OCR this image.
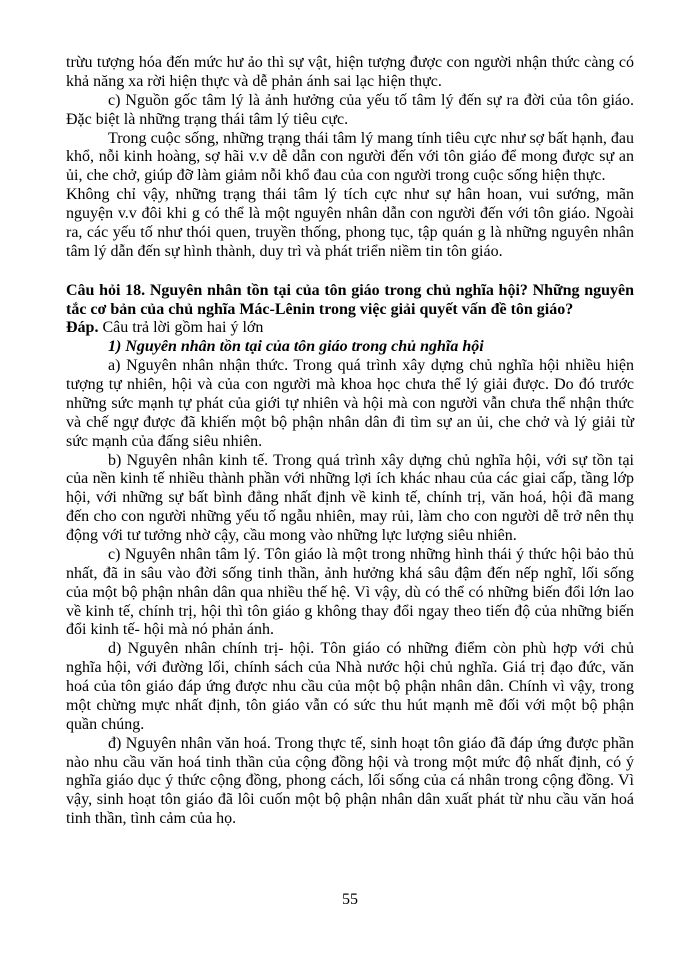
trừu tượng hóa đến mức hư ảo thì sự vật, hiện tượng được con người nhận thức càng có khả năng xa rời hiện thực và dễ phản ánh sai lạc hiện thực.

c) Nguồn gốc tâm lý là ảnh hưởng của yếu tố tâm lý đến sự ra đời của tôn giáo. Đặc biệt là những trạng thái tâm lý tiêu cực.

Trong cuộc sống, những trạng thái tâm lý mang tính tiêu cực như sợ bất hạnh, đau khổ, nỗi kinh hoàng, sợ hãi v.v dễ dẫn con người đến với tôn giáo để mong được sự an ủi, che chở, giúp đỡ làm giảm nỗi khổ đau của con người trong cuộc sống hiện thực.

Không chỉ vậy, những trạng thái tâm lý tích cực như sự hân hoan, vui sướng, mãn nguyện v.v đôi khi g có thể là một nguyên nhân dẫn con người đến với tôn giáo. Ngoài ra, các yếu tố như thói quen, truyền thống, phong tục, tập quán g là những nguyên nhân tâm lý dẫn đến sự hình thành, duy trì và phát triển niềm tin tôn giáo.

Câu hỏi 18. Nguyên nhân tồn tại của tôn giáo trong chủ nghĩa hội? Những nguyên tắc cơ bản của chủ nghĩa Mác-Lênin trong việc giải quyết vấn đề tôn giáo?

Đáp. Câu trả lời gồm hai ý lớn

1) Nguyên nhân tồn tại của tôn giáo trong chủ nghĩa hội

a) Nguyên nhân nhận thức. Trong quá trình xây dựng chủ nghĩa hội nhiều hiện tượng tự nhiên, hội và của con người mà khoa học chưa thể lý giải được. Do đó trước những sức mạnh tự phát của giới tự nhiên và hội mà con người vẫn chưa thể nhận thức và chế ngự được đã khiến một bộ phận nhân dân đi tìm sự an ủi, che chở và lý giải từ sức mạnh của đấng siêu nhiên.

b) Nguyên nhân kinh tế. Trong quá trình xây dựng chủ nghĩa hội, với sự tồn tại của nền kinh tế nhiều thành phần với những lợi ích khác nhau của các giai cấp, tầng lớp hội, với những sự bất bình đẳng nhất định về kinh tế, chính trị, văn hoá, hội đã mang đến cho con người những yếu tố ngẫu nhiên, may rủi, làm cho con người dễ trở nên thụ động với tư tưởng nhờ cậy, cầu mong vào những lực lượng siêu nhiên.

c) Nguyên nhân tâm lý. Tôn giáo là một trong những hình thái ý thức hội bảo thủ nhất, đã in sâu vào đời sống tinh thần, ảnh hưởng khá sâu đậm đến nếp nghĩ, lối sống của một bộ phận nhân dân qua nhiều thế hệ. Vì vậy, dù có thể có những biến đổi lớn lao về kinh tế, chính trị, hội thì tôn giáo g không thay đổi ngay theo tiến độ của những biến đổi kinh tế- hội mà nó phản ánh.

d) Nguyên nhân chính trị- hội. Tôn giáo có những điểm còn phù hợp với chủ nghĩa hội, với đường lối, chính sách của Nhà nước hội chủ nghĩa. Giá trị đạo đức, văn hoá của tôn giáo đáp ứng được nhu cầu của một bộ phận nhân dân. Chính vì vậy, trong một chừng mực nhất định, tôn giáo vẫn có sức thu hút mạnh mẽ đối với một bộ phận quần chúng.

đ) Nguyên nhân văn hoá. Trong thực tế, sinh hoạt tôn giáo đã đáp ứng được phần nào nhu cầu văn hoá tinh thần của cộng đồng hội và trong một mức độ nhất định, có ý nghĩa giáo dục ý thức cộng đồng, phong cách, lối sống của cá nhân trong cộng đồng. Vì vậy, sinh hoạt tôn giáo đã lôi cuốn một bộ phận nhân dân xuất phát từ nhu cầu văn hoá tinh thần, tình cảm của họ.

55
